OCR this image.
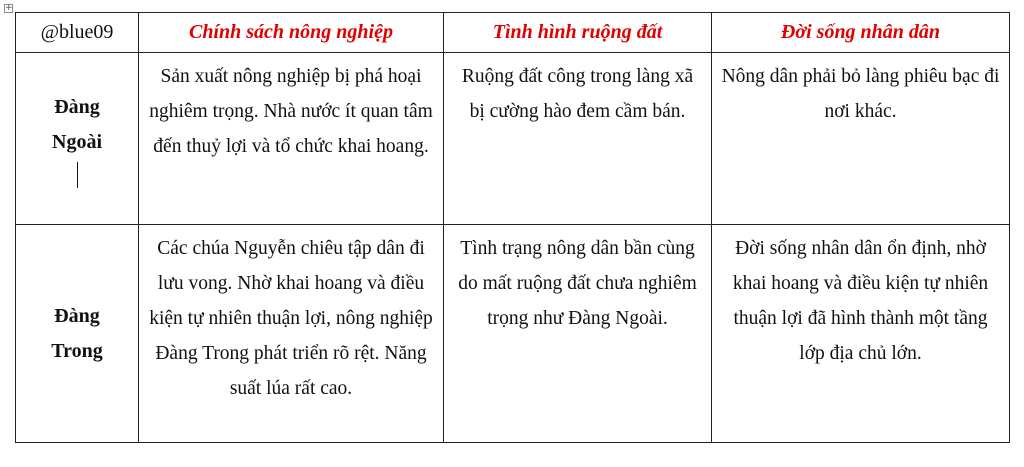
+
@blue09	Chính sách nông nghiệp	Tình hình ruộng đất	Đời sống nhân dân

Đàng
Ngoài	Sản xuất nông nghiệp bị phá hoại nghiêm trọng. Nhà nước ít quan tâm đến thuỷ lợi và tổ chức khai hoang.	Ruộng đất công trong làng xã bị cường hào đem cầm bán.	Nông dân phải bỏ làng phiêu bạc đi nơi khác.

Đàng
Trong	Các chúa Nguyễn chiêu tập dân đi lưu vong. Nhờ khai hoang và điều kiện tự nhiên thuận lợi, nông nghiệp Đàng Trong phát triển rõ rệt. Năng suất lúa rất cao.	Tình trạng nông dân bần cùng do mất ruộng đất chưa nghiêm trọng như Đàng Ngoài.	Đời sống nhân dân ổn định, nhờ khai hoang và điều kiện tự nhiên thuận lợi đã hình thành một tầng lớp địa chủ lớn.
